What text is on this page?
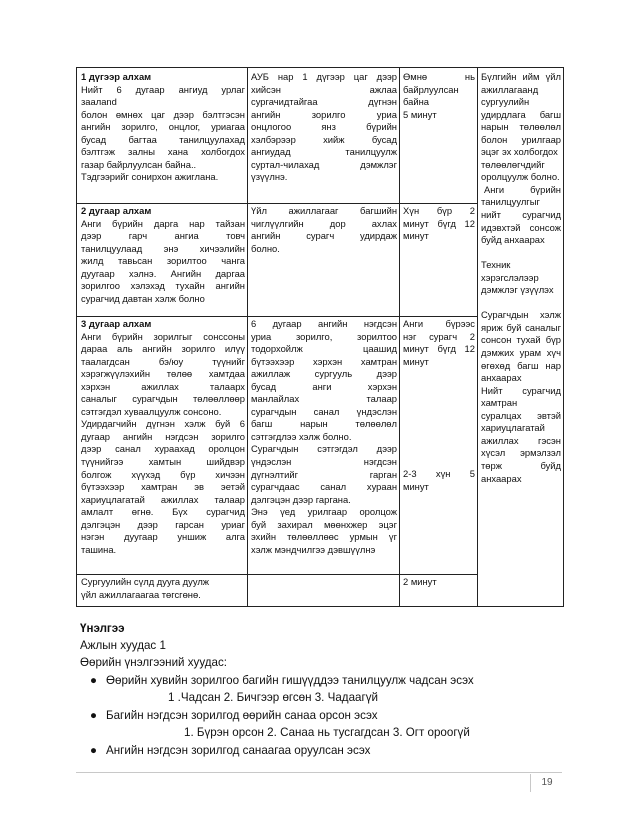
1 дүгээр алхам
Нийт 6 дугаар ангиуд урлаг
заалand
болон өмнөх цаг дээр бэлтгэсэн
ангийн зорилго, онцлог, уриагаа
бусад багтаа танилцуулахад
бэлтгэж залны хана холбогдох
газар байрлуулсан байна..
Тэдгээрийг сонирхон ажиглана.
АУБ нар 1 дүгээр цаг дээр
хийсэн ажлаа
сургачидтайгаа дүгнэн
ангийн зорилго уриа
онцлогоо янз бүрийн
хэлбэрээр хийж бусад
ангиудад танилцуулж
суртал-чилахад дэмжлэг
үзүүлнэ.
Өмнө нь
байрлуулсан
байна
5 минут
2 дугаар алхам
Анги бүрийн дарга нар тайзан
дээр гарч ангиа товч
танилцуулаад энэ хичээлийн
жилд тавьсан зорилтоо чанга
дуугаар хэлнэ. Ангийн даргаа
зорилгоо хэлэхэд тухайн ангийн
сурагчид давтан хэлж болно
Үйл ажиллагааг багшийн
чиглүүлгийн дор ахлах
ангийн сурагч удирдаж
болно.
Хүн бүр 2
минут бүгд 12
минут
3 дугаар алхам
Анги бүрийн зорилгыг сонссоны
дараа аль ангийн зорилго илүү
таалагдсан бэ/юу түүнийг
хэрэгжүүлэхийн төлөө хамтдаа
хэрхэн ажиллах талаарх
саналыг сурагчдын төлөөллөөр
сэтгэгдэл хуваалцуулж сонсоно.
Удирдагчийн дүгнэн хэлж буй 6
дугаар ангийн нэгдсэн зорилго
дээр санал хураахад оролцон
түүнийгээ хамтын шийдвэр
болгож хүүхэд бүр хичээн
бүтээхээр хамтран эв эетэй
хариуцлагатай ажиллах талаар
амлалт өгнө. Бүх сурагчид
дэлгэцэн дээр гарсан уриаг
нэгэн дуугаар уншиж алга
ташина.
6 дугаар ангийн нэгдсэн
уриа зорилго, зорилтоо
тодорхойлж цаашид
бүтээхээр хэрхэн хамтран
ажиллаж сургууль дээр
бусад анги хэрхэн
манлайлах талаар
сурагчдын санал үндэслэн
багш нарын төлөөлөл
сэтгэгдлээ хэлж болно.
Сурагчдын сэтгэгдэл дээр
үндэслэн нэгдсэн
дүгнэлтийг гарган
сурагчдаас санал хураан
дэлгэцэн дээр гаргана.
Энэ үед урилгаар оролцож
буй захирал мөөнхжер эцэг
эхийн төлөөллөөс урмын үг
хэлж мэндчилгээ дэвшүүлнэ
Анги бүрээс
нэг сурагч 2
минут бүгд 12
минут
2-3 хүн 5
минут
Сургуулийн сүлд дууга дуулж
үйл ажиллагаагаа төгсгөнө.
2 минут
Бүлгийн ийм үйл
ажиллагаанд
сургуулийн
удирдлага багш
нарын төлөөлөл
болон урилгаар
эцэг эх холбогдох
төлөөлөгчдийг
оролцуулж болно.
Анги бүрийн
танилцуулгыг
нийт сурагчид
идэвхтэй сонсож
буйд анхаарах

Техник
хэрэгслэлээр
дэмжлэг үзүүлэх

Сурагчдын хэлж
яриж буй саналыг
сонсон тухай бүр
дэмжих урам хүч
өгөхөд багш нар
анхаарах
Нийт сурагчид
хамтран
суралцах эвтэй
хариуцлагатай
ажиллах гэсэн
хүсэл эрмэлзэл
төрж буйд
анхаарах
Үнэлгээ
Ажлын хуудас 1
Өөрийн үнэлгээний хуудас:
● Өөрийн хувийн зорилгоо багийн гишүүддээ танилцуулж чадсан эсэх
1 .Чадсан 2. Бичгээр өгсөн 3. Чадаагүй
● Багийн нэгдсэн зорилгод өөрийн санаа орсон эсэх
1. Бүрэн орсон 2. Санаа нь тусгагдсан 3. Огт ороогүй
● Ангийн нэгдсэн зорилгод санаагаа оруулсан эсэх
19
